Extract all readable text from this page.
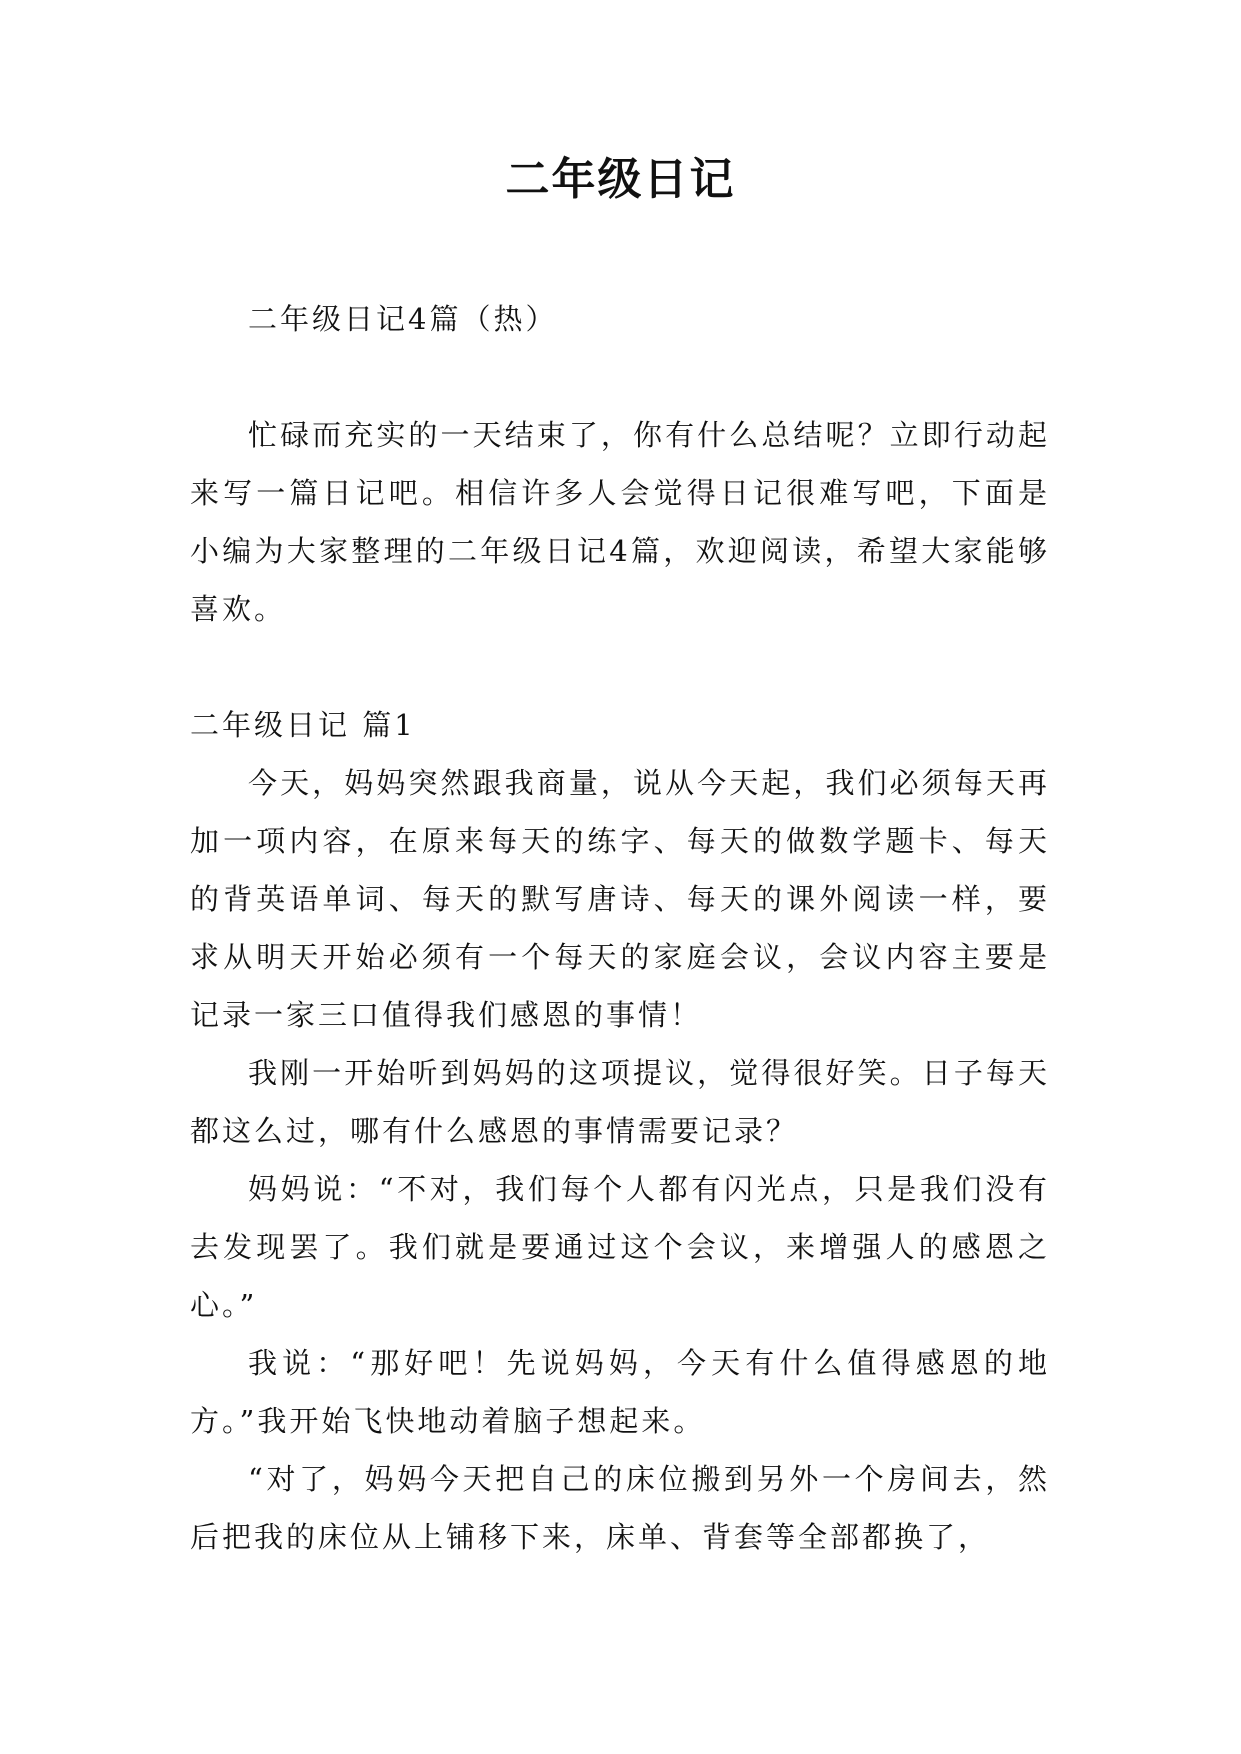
二年级日记

二年级日记4篇（热）

忙碌而充实的一天结束了，你有什么总结呢？立即行动起来写一篇日记吧。相信许多人会觉得日记很难写吧，下面是小编为大家整理的二年级日记4篇，欢迎阅读，希望大家能够喜欢。

二年级日记 篇1

今天，妈妈突然跟我商量，说从今天起，我们必须每天再加一项内容，在原来每天的练字、每天的做数学题卡、每天的背英语单词、每天的默写唐诗、每天的课外阅读一样，要求从明天开始必须有一个每天的家庭会议，会议内容主要是记录一家三口值得我们感恩的事情！

我刚一开始听到妈妈的这项提议，觉得很好笑。日子每天都这么过，哪有什么感恩的事情需要记录？

妈妈说：“不对，我们每个人都有闪光点，只是我们没有去发现罢了。我们就是要通过这个会议，来增强人的感恩之心。”

我说：“那好吧！先说妈妈，今天有什么值得感恩的地方。”我开始飞快地动着脑子想起来。

“对了，妈妈今天把自己的床位搬到另外一个房间去，然后把我的床位从上铺移下来，床单、背套等全部都换了，
